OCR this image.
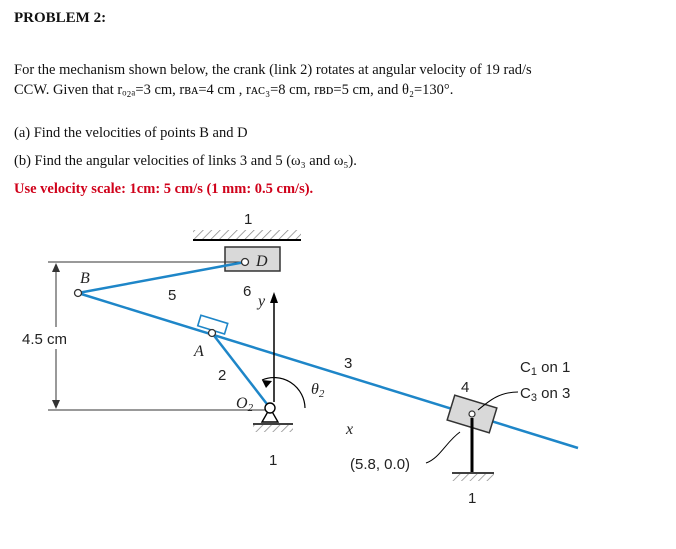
PROBLEM 2:
For the mechanism shown below, the crank (link 2) rotates at angular velocity of 19 rad/s
CCW. Given that rₒ₂ₐ=3 cm, rʙᴀ=4 cm , rᴀᴄ₃=8 cm, rʙᴅ=5 cm, and θ₂=130°.
(a) Find the velocities of points B and D
(b) Find the angular velocities of links 3 and 5 (ω₃ and ω₅).
Use velocity scale: 1cm: 5 cm/s (1 mm: 0.5 cm/s).
1
D
4.5 cm
5
3
6
2
B
A
y
x
θ2
O2
1
4
1
(5.8, 0.0)
$C_1$ on 1
$C_3$ on 3
